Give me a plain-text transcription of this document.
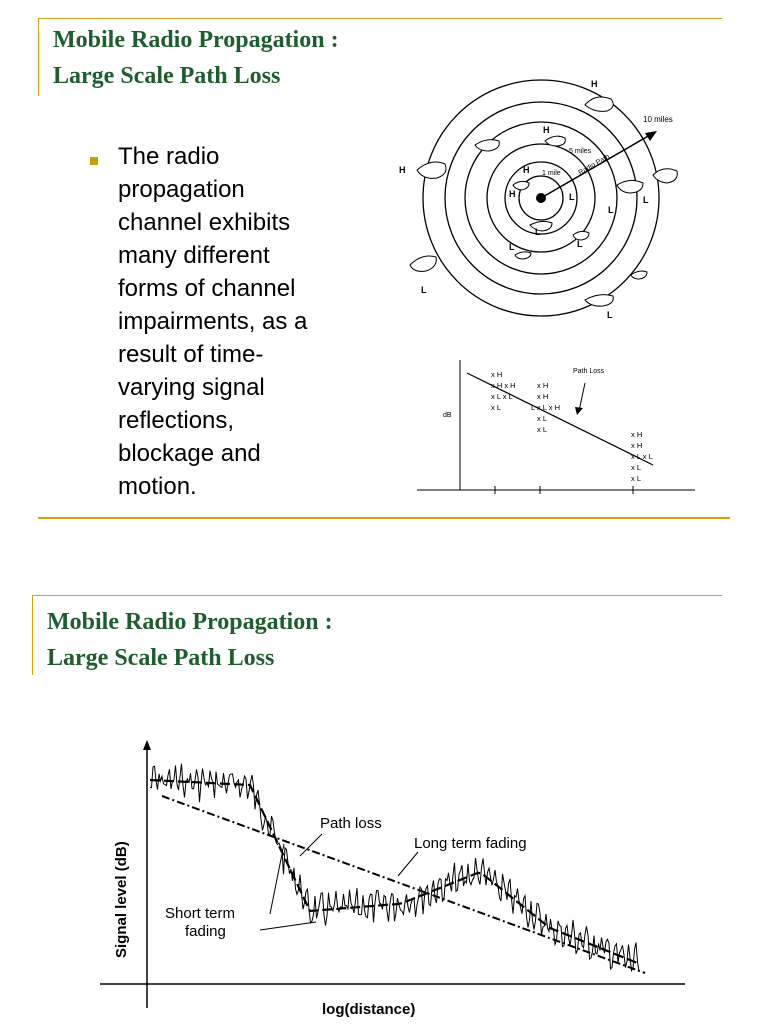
Mobile Radio Propagation :
Large Scale Path Loss
The radio
propagation
channel exhibits
many different
forms of channel
impairments, as a
result of time-
varying signal
reflections,
blockage and
motion.
H
H
H	H
H	L
L
L
L
L	L
L
L
10 miles
5 miles
1 mile Radio Path
Path Loss
dB
x H
x H x H
x L x L
x L
x H
x H
L x L x H
x L
x L
x H
x H
x L x L
x L
x L
Mobile Radio Propagation :
Large Scale Path Loss
Signal level (dB)
log(distance)
Path loss
Long term fading
Short term fading
